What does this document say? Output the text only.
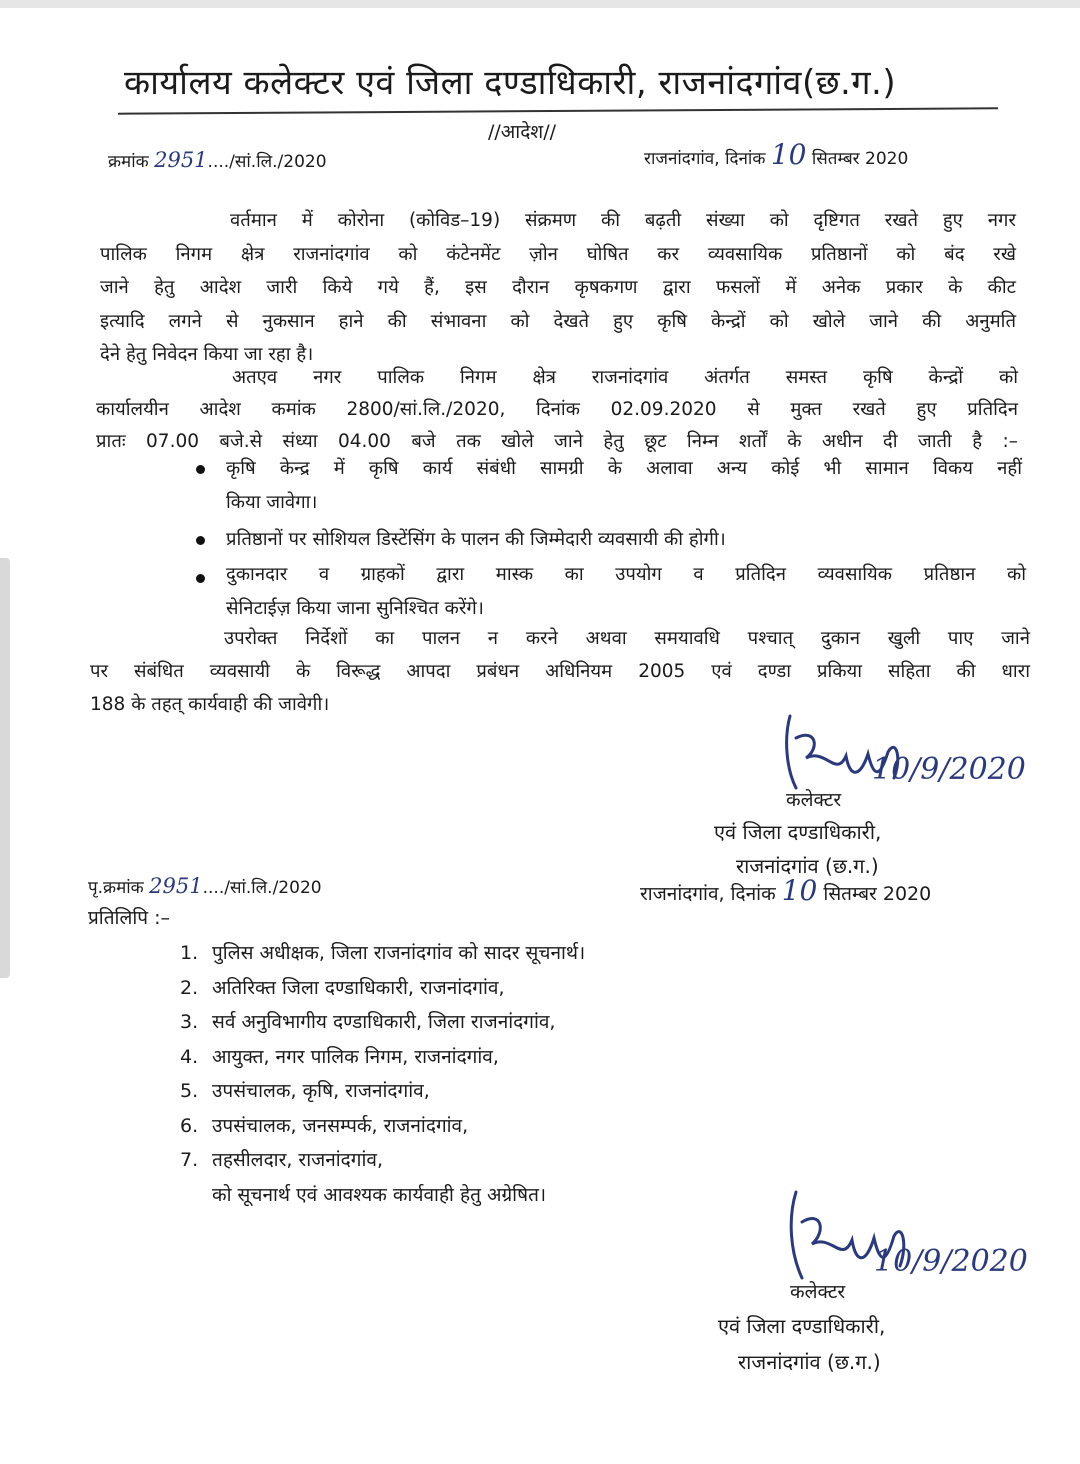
कार्यालय कलेक्टर एवं जिला दण्डाधिकारी, राजनांदगांव(छ.ग.)
//आदेश//
क्रमांक 2951..../सां.लि./2020	राजनांदगांव, दिनांक 10 सितम्बर 2020
वर्तमान में कोरोना (कोविड–19) संक्रमण की बढ़ती संख्या को दृष्टिगत रखते हुए नगर
पालिक निगम क्षेत्र राजनांदगांव को कंटेनमेंट ज़ोन घोषित कर व्यवसायिक प्रतिष्ठानों को बंद रखे
जाने हेतु आदेश जारी किये गये हैं, इस दौरान कृषकगण द्वारा फसलों में अनेक प्रकार के कीट
इत्यादि लगने से नुकसान हाने की संभावना को देखते हुए कृषि केन्द्रों को खोले जाने की अनुमति
देने हेतु निवेदन किया जा रहा है।
अतएव नगर पालिक निगम क्षेत्र राजनांदगांव अंतर्गत समस्त कृषि केन्द्रों को
कार्यालयीन आदेश कमांक 2800/सां.लि./2020, दिनांक 02.09.2020 से मुक्त रखते हुए प्रतिदिन
प्रातः 07.00 बजे.से संध्या 04.00 बजे तक खोले जाने हेतु छूट निम्न शर्तों के अधीन दी जाती है :–
कृषि केन्द्र में कृषि कार्य संबंधी सामग्री के अलावा अन्य कोई भी सामान विकय नहीं
किया जावेगा।
प्रतिष्ठानों पर सोशियल डिस्टेंसिंग के पालन की जिम्मेदारी व्यवसायी की होगी।
दुकानदार व ग्राहकों द्वारा मास्क का उपयोग व प्रतिदिन व्यवसायिक प्रतिष्ठान को
सेनिटाईज़ किया जाना सुनिश्चित करेंगे।
उपरोक्त निर्देशों का पालन न करने अथवा समयावधि पश्चात् दुकान खुली पाए जाने
पर संबंधित व्यवसायी के विरूद्ध आपदा प्रबंधन अधिनियम 2005 एवं दण्डा प्रकिया सहिता की धारा
188 के तहत् कार्यवाही की जावेगी।
10/9/2020
कलेक्टर
एवं जिला दण्डाधिकारी,
राजनांदगांव (छ.ग.)
पृ.क्रमांक 2951..../सां.लि./2020	राजनांदगांव, दिनांक 10 सितम्बर 2020
प्रतिलिपि :–
1. पुलिस अधीक्षक, जिला राजनांदगांव को सादर सूचनार्थ।
2. अतिरिक्त जिला दण्डाधिकारी, राजनांदगांव,
3. सर्व अनुविभागीय दण्डाधिकारी, जिला राजनांदगांव,
4. आयुक्त, नगर पालिक निगम, राजनांदगांव,
5. उपसंचालक, कृषि, राजनांदगांव,
6. उपसंचालक, जनसम्पर्क, राजनांदगांव,
7. तहसीलदार, राजनांदगांव,
को सूचनार्थ एवं आवश्यक कार्यवाही हेतु अग्रेषित।
10/9/2020
कलेक्टर
एवं जिला दण्डाधिकारी,
राजनांदगांव (छ.ग.)
